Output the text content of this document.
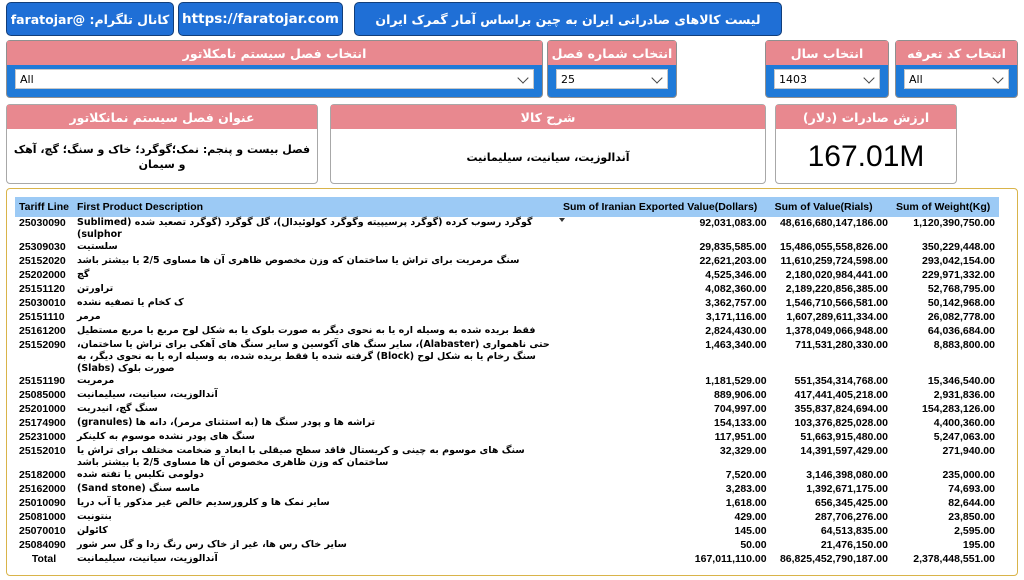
کانال تلگرام: @faratojar https://faratojar.com	لیست کالاهای صادراتی ایران به چین براساس آمار گمرک ایران
انتخاب فصل سیستم نامکلاتور
All
انتخاب شماره فصل
25
انتخاب سال
1403
انتخاب کد تعرفه
All
عنوان فصل سیستم نمانکلاتور
فصل بیست و پنجم: نمک؛گوگرد؛ خاک و سنگ؛ گچ، آهک و سیمان
شرح کالا
آندالوزیت، سیانیت، سیلیمانیت
ارزش صادرات (دلار)
167.01M
Tariff Line	First Product Description	Sum of Iranian Exported Value(Dollars)	Sum of Value(Rials)	Sum of Weight(Kg)
25030090	گوگرد رسوب کرده (گوگرد پرسیپیته وگوگرد کولوئیدال)، گل گوگرد (گوگرد تصعید شده (Sublimed sulphor)	92,031,083.00	48,616,680,147,186.00	1,120,390,750.00
25309030	سلستیت	29,835,585.00	15,486,055,558,826.00	350,229,448.00
25152020	سنگ مرمریت برای تراش یا ساختمان که وزن مخصوص ظاهری آن ها مساوی 2/5 یا بیشتر باشد	22,621,203.00	11,610,259,724,598.00	293,042,154.00
25202000	گچ	4,525,346.00	2,180,020,984,441.00	229,971,332.00
25151120	تراورتن	4,082,360.00	2,189,220,856,385.00	52,768,795.00
25030010	ک کخام یا تصفیه نشده	3,362,757.00	1,546,710,566,581.00	50,142,968.00
25151110	مرمر	3,171,116.00	1,607,289,611,334.00	26,082,778.00
25161200	فقط بریده شده به وسیله اره یا به نحوی دیگر به صورت بلوک یا به شکل لوح مربع یا مربع مستطیل	2,824,430.00	1,378,049,066,948.00	64,036,684.00
25152090	حتی ناهمواری (Alabaster)، سایر سنگ های آکوسین و سایر سنگ های آهکی برای تراش یا ساختمان، سنگ رخام یا به شکل لوح (Block) گرفته شده یا فقط بریده شده، به وسیله اره یا به نحوی دیگر، به صورت بلوک (Slabs)	1,463,340.00	711,531,280,330.00	8,883,800.00
25151190	مرمریت	1,181,529.00	551,354,314,768.00	15,346,540.00
25085000	آندالوزیت، سیانیت، سیلیمانیت	889,906.00	417,441,405,218.00	2,931,836.00
25201000	سنگ گچ، انیدریت	704,997.00	355,837,824,694.00	154,283,126.00
25174900	تراشه ها و پودر سنگ ها (به استثنای مرمر)، دانه ها (granules)	154,133.00	103,376,825,028.00	4,400,360.00
25231000	سنگ های پودر نشده موسوم به کلینکر	117,951.00	51,663,915,480.00	5,247,063.00
25152010	سنگ های موسوم به چینی و کریستال فاقد سطح صیقلی با ابعاد و ضخامت مختلف برای تراش یا ساختمان که وزن ظاهری مخصوص آن ها مساوی 2/5 یا بیشتر باشد	32,329.00	14,391,597,429.00	271,940.00
25182000	دولومی تکلیس یا تفته شده	7,520.00	3,146,398,080.00	235,000.00
25162000	ماسه سنگ (Sand stone)	3,283.00	1,392,671,175.00	74,693.00
25010090	سایر نمک ها و کلرورسدیم خالص غیر مذکور یا آب دریا	1,618.00	656,345,425.00	82,644.00
25081000	بنتونیت	429.00	287,706,276.00	23,850.00
25070010	کائولن	145.00	64,513,835.00	2,595.00
25084090	سایر خاک رس ها، غیر از خاک رس رنگ زدا و گل سر شور	50.00	21,476,150.00	195.00
Total	آندالوزیت، سیانیت، سیلیمانیت	167,011,110.00	86,825,452,790,187.00	2,378,448,551.00
